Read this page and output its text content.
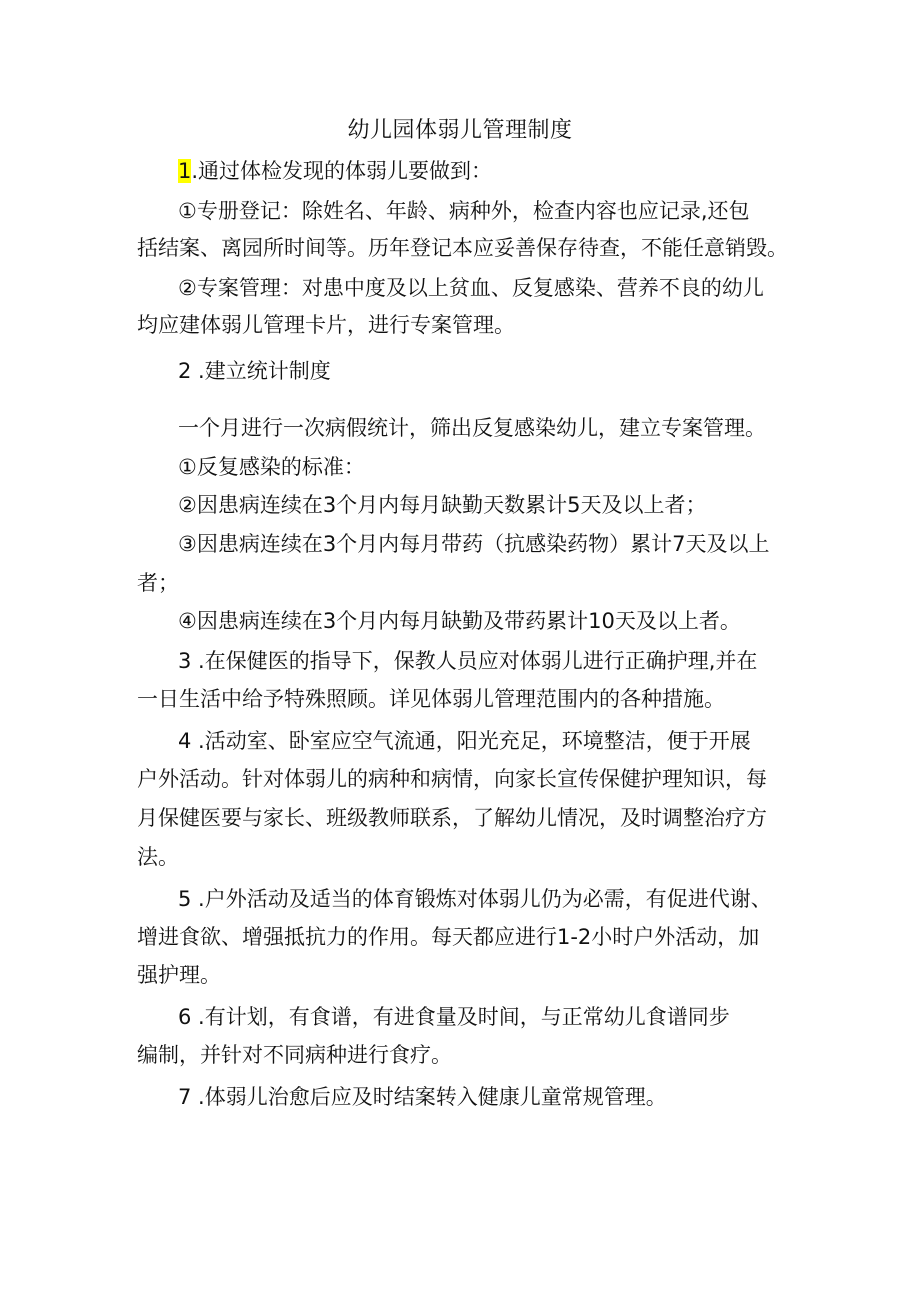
幼儿园体弱儿管理制度
1.通过体检发现的体弱儿要做到：
①专册登记：除姓名、年龄、病种外，检查内容也应记录,还包
括结案、离园所时间等。历年登记本应妥善保存待查，不能任意销毁。
②专案管理：对患中度及以上贫血、反复感染、营养不良的幼儿
均应建体弱儿管理卡片，进行专案管理。
2 .建立统计制度
一个月进行一次病假统计，筛出反复感染幼儿，建立专案管理。
①反复感染的标准：
②因患病连续在3个月内每月缺勤天数累计5天及以上者；
③因患病连续在3个月内每月带药（抗感染药物）累计7天及以上
者；
④因患病连续在3个月内每月缺勤及带药累计10天及以上者。
3 .在保健医的指导下，保教人员应对体弱儿进行正确护理,并在
一日生活中给予特殊照顾。详见体弱儿管理范围内的各种措施。
4 .活动室、卧室应空气流通，阳光充足，环境整洁，便于开展
户外活动。针对体弱儿的病种和病情，向家长宣传保健护理知识，每
月保健医要与家长、班级教师联系，了解幼儿情况，及时调整治疗方
法。
5 .户外活动及适当的体育锻炼对体弱儿仍为必需，有促进代谢、
增进食欲、增强抵抗力的作用。每天都应进行1-2小时户外活动，加
强护理。
6 .有计划，有食谱，有进食量及时间，与正常幼儿食谱同步
编制，并针对不同病种进行食疗。
7 .体弱儿治愈后应及时结案转入健康儿童常规管理。
